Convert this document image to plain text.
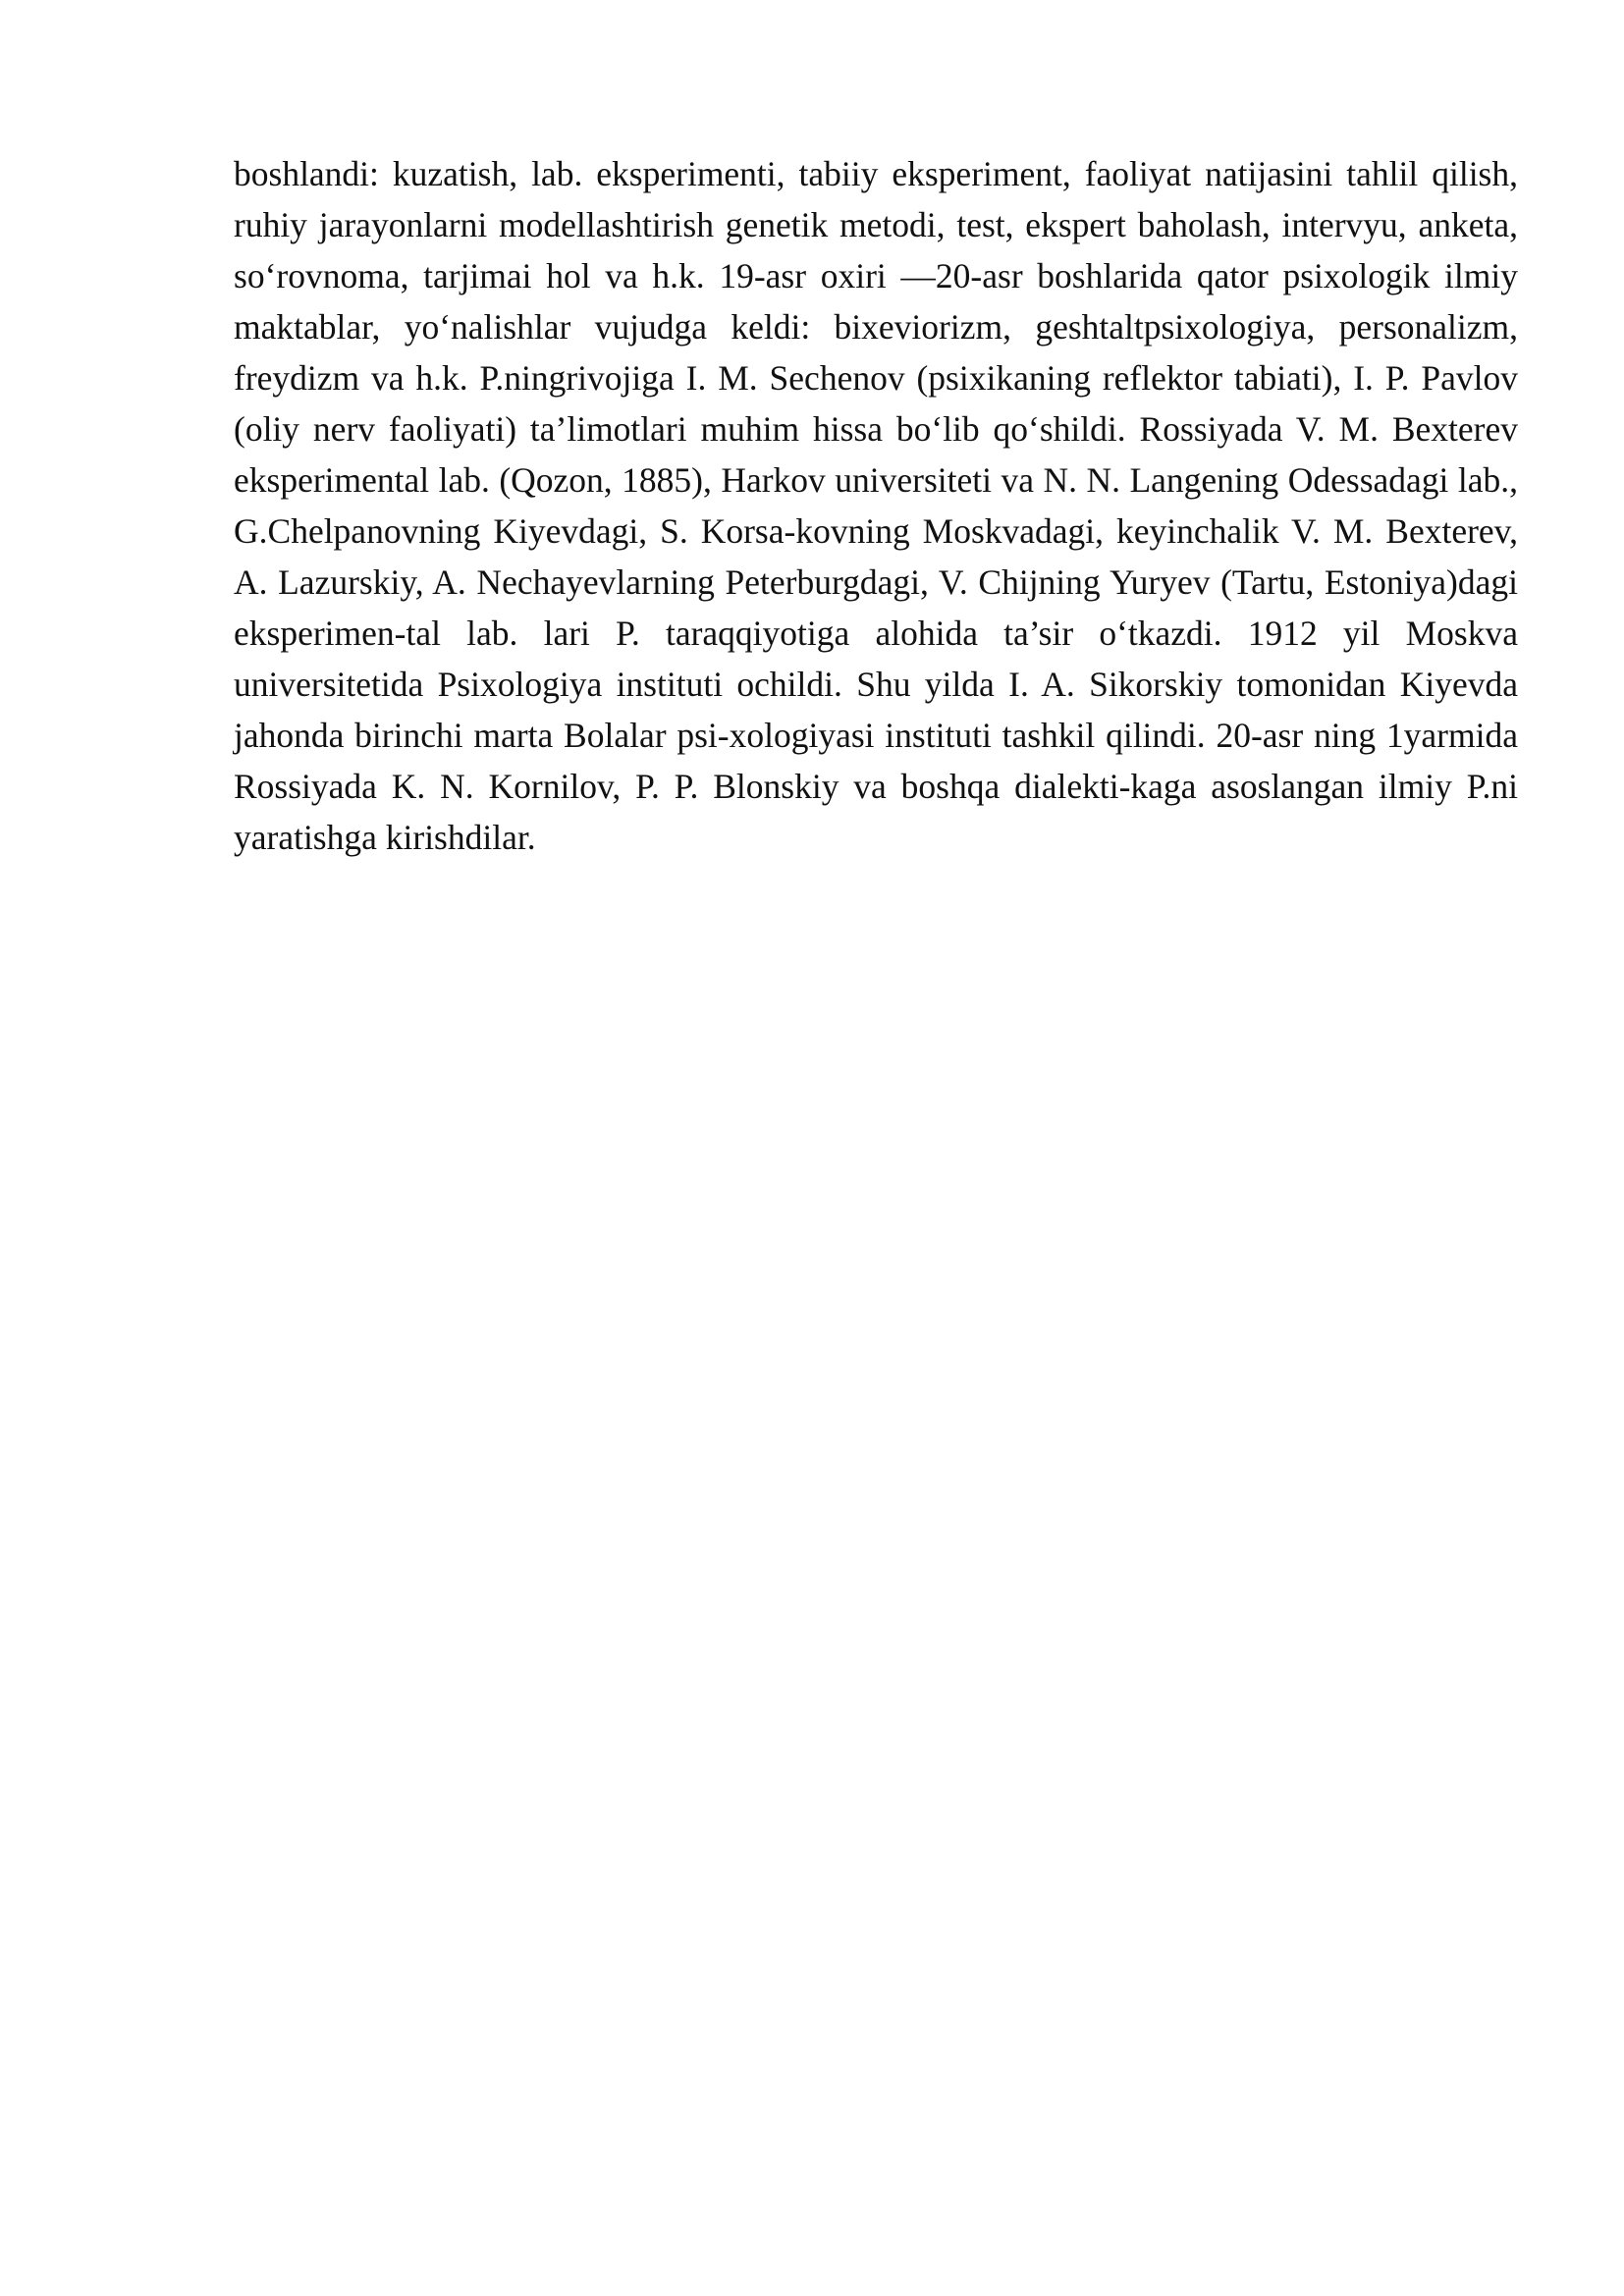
boshlandi: kuzatish, lab. eksperimenti, tabiiy eksperiment, faoliyat natijasini tahlil qilish, ruhiy jarayonlarni modellashtirish genetik metodi, test, ekspert baholash, intervyu, anketa, so‘rovnoma, tarjimai hol va h.k. 19-asr oxiri —20-asr boshlarida qator psixologik ilmiy maktablar, yo‘nalishlar vujudga keldi: bixeviorizm, geshtaltpsixologiya, personalizm, freydizm va h.k. P.ningrivojiga I. M. Sechenov (psixikaning reflektor tabiati), I. P. Pavlov (oliy nerv faoliyati) ta’limotlari muhim hissa bo‘lib qo‘shildi. Rossiyada V. M. Bexterev eksperimental lab. (Qozon, 1885), Harkov universiteti va N. N. Langening Odessadagi lab., G.Chelpanovning Kiyevdagi, S. Korsa-kovning Moskvadagi, keyinchalik V. M. Bexterev, A. Lazurskiy, A. Nechayevlarning Peterburgdagi, V. Chijning Yuryev (Tartu, Estoniya)dagi eksperimen-tal lab. lari P. taraqqiyotiga alohida ta’sir o‘tkazdi. 1912 yil Moskva universitetida Psixologiya instituti ochildi. Shu yilda I. A. Sikorskiy tomonidan Kiyevda jahonda birinchi marta Bolalar psi-xologiyasi instituti tashkil qilindi. 20-asr ning 1yarmida Rossiyada K. N. Kornilov, P. P. Blonskiy va boshqa dialekti-kaga asoslangan ilmiy P.ni yaratishga kirishdilar.
